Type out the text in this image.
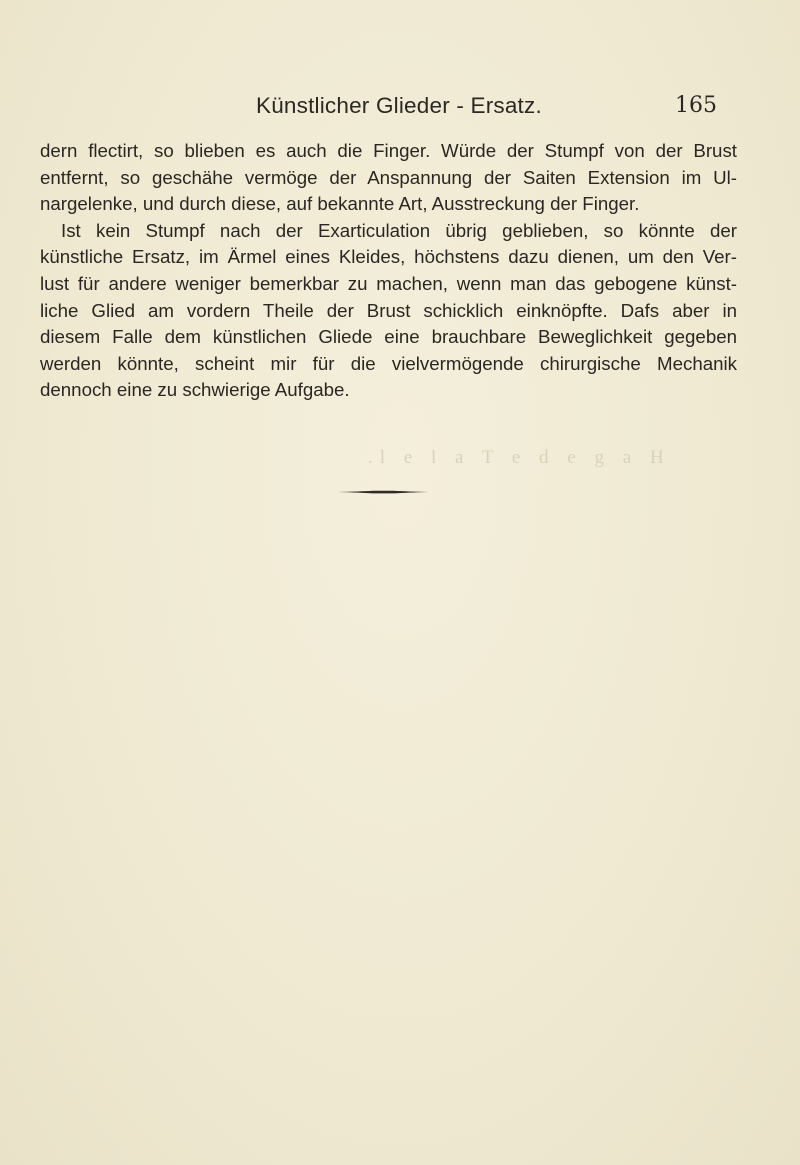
Künstlicher Glieder - Ersatz.	165
dern flectirt, so blieben es auch die Finger. Würde der Stumpf von der Brust
entfernt, so geschähe vermöge der Anspannung der Saiten Extension im Ul-
nargelenke, und durch diese, auf bekannte Art, Ausstreckung der Finger.
Ist kein Stumpf nach der Exarticulation übrig geblieben, so könnte der
künstliche Ersatz, im Ärmel eines Kleides, höchstens dazu dienen, um den Ver-
lust für andere weniger bemerkbar zu machen, wenn man das gebogene künst-
liche Glied am vordern Theile der Brust schicklich einknöpfte. Dafs aber in
diesem Falle dem künstlichen Gliede eine brauchbare Beweglichkeit gegeben
werden könnte, scheint mir für die vielvermögende chirurgische Mechanik
dennoch eine zu schwierige Aufgabe.
.l e l a T e d e g a H
